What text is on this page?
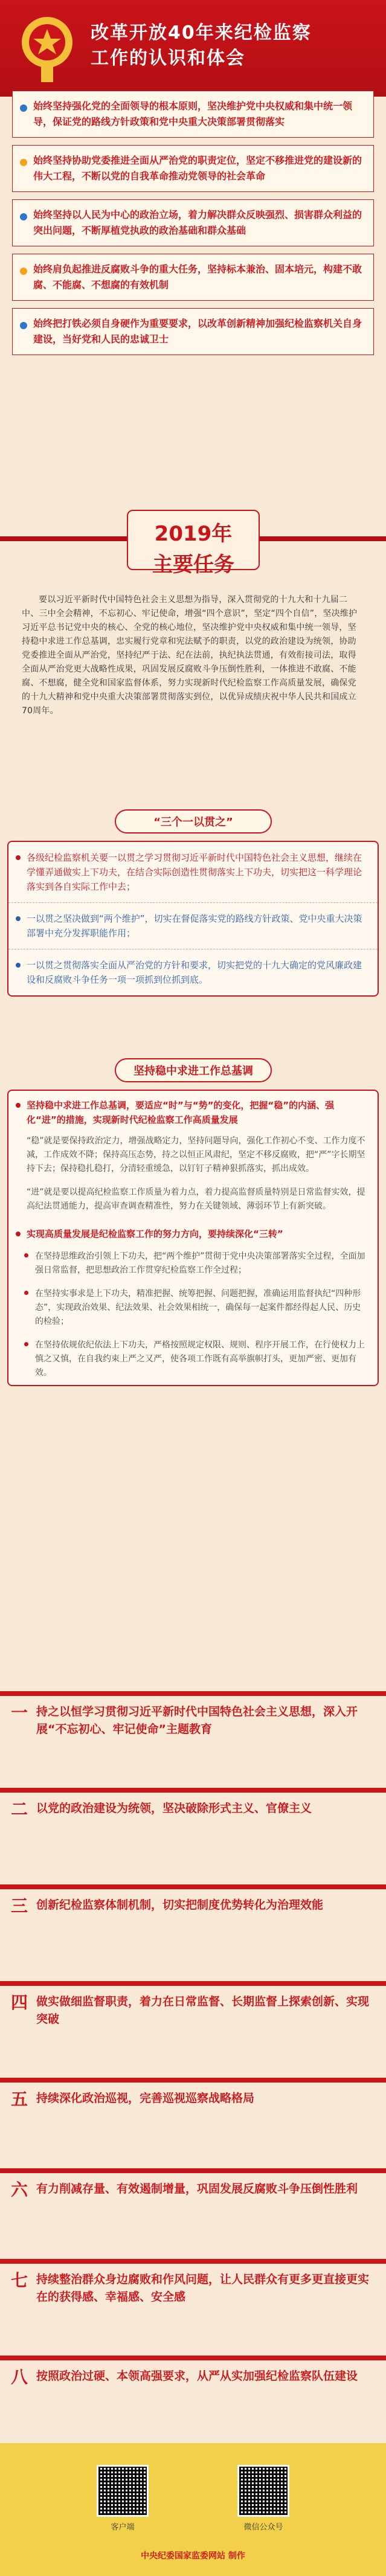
改革开放40年来纪检监察工作的认识和体会
始终坚持强化党的全面领导的根本原则，坚决维护党中央权威和集中统一领导，保证党的路线方针政策和党中央重大决策部署贯彻落实
始终坚持协助党委推进全面从严治党的职责定位，坚定不移推进党的建设新的伟大工程，不断以党的自我革命推动党领导的社会革命
始终坚持以人民为中心的政治立场，着力解决群众反映强烈、损害群众利益的突出问题，不断厚植党执政的政治基础和群众基础
始终肩负起推进反腐败斗争的重大任务，坚持标本兼治、固本培元，构建不敢腐、不能腐、不想腐的有效机制
始终把打铁必须自身硬作为重要要求，以改革创新精神加强纪检监察机关自身建设，当好党和人民的忠诚卫士
2019年
主要任务
要以习近平新时代中国特色社会主义思想为指导，深入贯彻党的十九大和十九届二中、三中全会精神，不忘初心、牢记使命，增强“四个意识”，坚定“四个自信”，坚决维护习近平总书记党中央的核心、全党的核心地位，坚决维护党中央权威和集中统一领导，坚持稳中求进工作总基调，忠实履行党章和宪法赋予的职责，以党的政治建设为统领，协助党委推进全面从严治党，坚持纪严于法、纪在法前，执纪执法贯通，有效衔接司法，取得全面从严治党更大战略性成果，巩固发展反腐败斗争压倒性胜利，一体推进不敢腐、不能腐、不想腐，健全党和国家监督体系，努力实现新时代纪检监察工作高质量发展，确保党的十九大精神和党中央重大决策部署贯彻落实到位，以优异成绩庆祝中华人民共和国成立70周年。
“三个一以贯之”
各级纪检监察机关要一以贯之学习贯彻习近平新时代中国特色社会主义思想，继续在学懂弄通做实上下功夫，在结合实际创造性贯彻落实上下功夫，切实把这一科学理论落实到各自实际工作中去；
一以贯之坚决做到“两个维护”，切实在督促落实党的路线方针政策、党中央重大决策部署中充分发挥职能作用；
一以贯之贯彻落实全面从严治党的方针和要求，切实把党的十九大确定的党风廉政建设和反腐败斗争任务一项一项抓到位抓到底。
坚持稳中求进工作总基调
坚持稳中求进工作总基调，要适应“时”与“势”的变化，把握“稳”的内涵、强化“进”的措施，实现新时代纪检监察工作高质量发展
“稳”就是要保持政治定力，增强战略定力，坚持问题导向，强化工作初心不变、工作力度不减，工作成效不降；保持高压态势，持之以恒正风肃纪，坚定不移反腐败，把“严”字长期坚持下去；保持稳扎稳打，分清轻重缓急，以钉钉子精神狠抓落实，抓出成效。
“进”就是要以提高纪检监察工作质量为着力点，着力提高监督质量特别是日常监督实效，提高纪法贯通能力，提高审查调查精准性，努力在关键领域、薄弱环节上有新突破。
实现高质量发展是纪检监察工作的努力方向，要持续深化“三转”
在坚持思维政治引领上下功夫，把“两个维护”贯彻于党中央决策部署落实全过程，全面加强日常监督，把思想政治工作贯穿纪检监察工作全过程；
在坚持实事求是上下功夫，精准把握、统筹把握、问题把握，准确运用监督执纪“四种形态”，实现政治效果、纪法效果、社会效果相统一，确保每一起案件都经得起人民、历史的检验；
在坚持依规依纪依法上下功夫，严格按照规定权限、规则、程序开展工作，在行使权力上慎之又慎，在自我约束上严之又严，使各项工作既有高举旗帜打头，更加严密、更加有效。
一 持之以恒学习贯彻习近平新时代中国特色社会主义思想，深入开展“不忘初心、牢记使命”主题教育
二 以党的政治建设为统领，坚决破除形式主义、官僚主义
三 创新纪检监察体制机制，切实把制度优势转化为治理效能
四 做实做细监督职责，着力在日常监督、长期监督上探索创新、实现突破
五 持续深化政治巡视，完善巡视巡察战略格局
六 有力削减存量、有效遏制增量，巩固发展反腐败斗争压倒性胜利
七 持续整治群众身边腐败和作风问题，让人民群众有更多更直接更实在的获得感、幸福感、安全感
八 按照政治过硬、本领高强要求，从严从实加强纪检监察队伍建设
客户端	微信公众号
中央纪委国家监委网站 制作
